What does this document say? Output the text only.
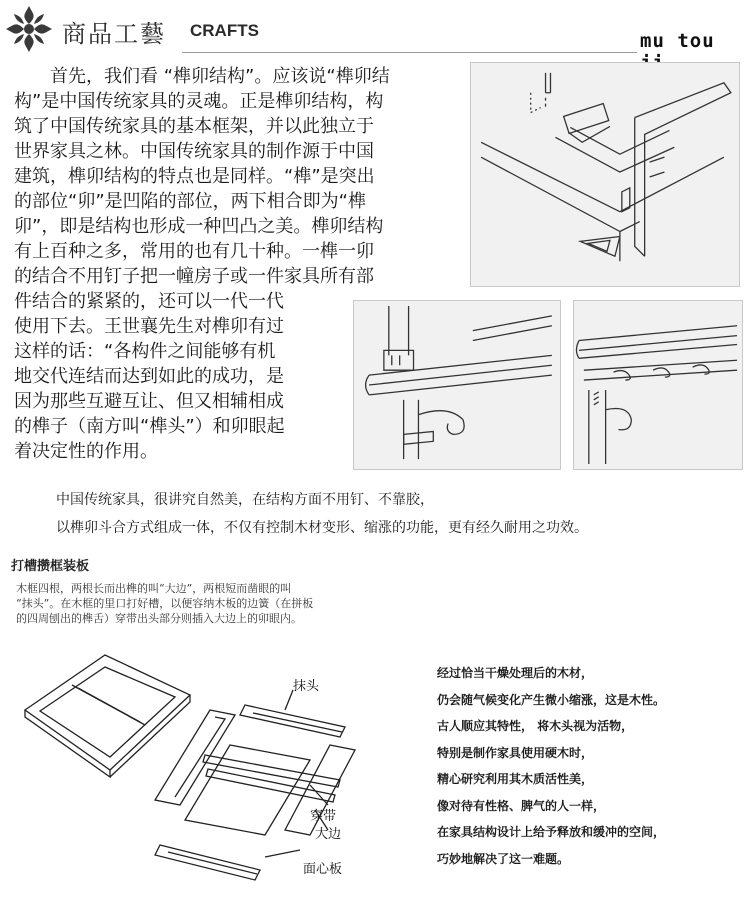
商品工藝 CRAFTS	mu tou ji
　　首先，我们看 “榫卯结构”。应该说“榫卯结
构”是中国传统家具的灵魂。正是榫卯结构，构
筑了中国传统家具的基本框架，并以此独立于
世界家具之林。中国传统家具的制作源于中国
建筑，榫卯结构的特点也是同样。“榫”是突出
的部位“卯”是凹陷的部位，两下相合即为“榫
卯”，即是结构也形成一种凹凸之美。榫卯结构
有上百种之多，常用的也有几十种。一榫一卯
的结合不用钉子把一幢房子或一件家具所有部
件结合的紧紧的，还可以一代一代
使用下去。王世襄先生对榫卯有过
这样的话：“各构件之间能够有机
地交代连结而达到如此的成功，是
因为那些互避互让、但又相辅相成
的榫子（南方叫“榫头”）和卯眼起
着决定性的作用。
中国传统家具，很讲究自然美，在结构方面不用钉、不靠胶，
以榫卯斗合方式组成一体，不仅有控制木材变形、缩涨的功能，更有经久耐用之功效。
打槽攒框装板
木框四根，两根长而出榫的叫“大边”，两根短而凿眼的叫
“抹头”。在木框的里口打好槽，以便容纳木板的边簧（在拼板
的四周刨出的榫舌）穿带出头部分则插入大边上的卯眼内。
抹头
穿带
大边
面心板
经过恰当干燥处理后的木材，
仍会随气候变化产生微小缩涨，这是木性。
古人顺应其特性， 将木头视为活物，
特别是制作家具使用硬木时，
精心研究利用其木质活性美，
像对待有性格、脾气的人一样，
在家具结构设计上给予释放和缓冲的空间，
巧妙地解决了这一难题。
